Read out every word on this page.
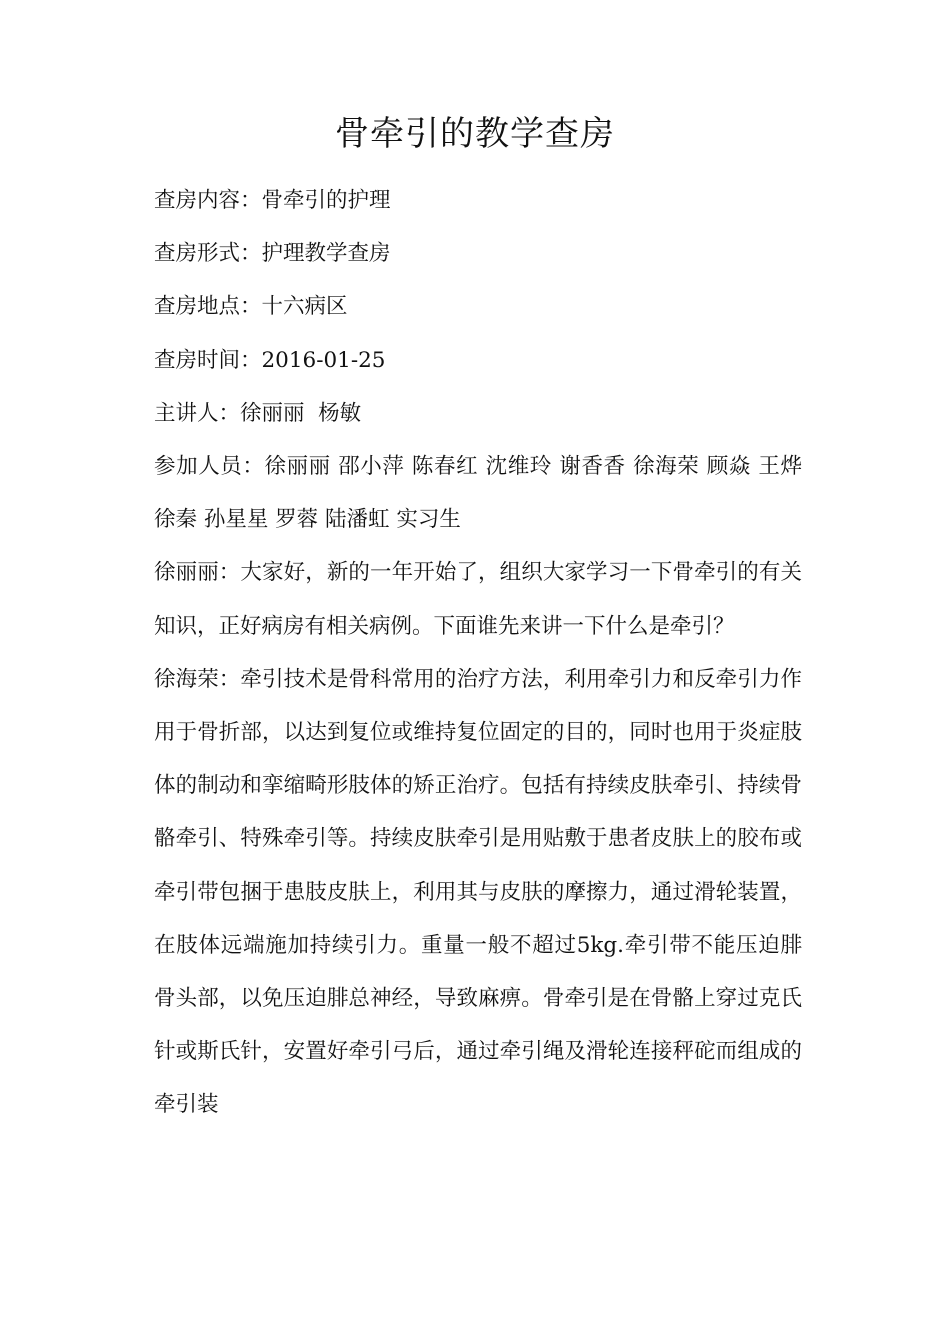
骨牵引的教学查房
查房内容：骨牵引的护理
查房形式：护理教学查房
查房地点：十六病区
查房时间：2016-01-25
主讲人：徐丽丽  杨敏

参加人员：徐丽丽 邵小萍 陈春红 沈维玲 谢香香 徐海荣 顾焱 王烨 徐秦 孙星星 罗蓉 陆潘虹 实习生

徐丽丽：大家好，新的一年开始了，组织大家学习一下骨牵引的有关知识，正好病房有相关病例。下面谁先来讲一下什么是牵引？

徐海荣：牵引技术是骨科常用的治疗方法，利用牵引力和反牵引力作用于骨折部，以达到复位或维持复位固定的目的，同时也用于炎症肢体的制动和挛缩畸形肢体的矫正治疗。包括有持续皮肤牵引、持续骨骼牵引、特殊牵引等。持续皮肤牵引是用贴敷于患者皮肤上的胶布或牵引带包捆于患肢皮肤上，利用其与皮肤的摩擦力，通过滑轮装置，在肢体远端施加持续引力。重量一般不超过5kg.牵引带不能压迫腓骨头部，以免压迫腓总神经，导致麻痹。骨牵引是在骨骼上穿过克氏针或斯氏针，安置好牵引弓后，通过牵引绳及滑轮连接秤砣而组成的牵引装
